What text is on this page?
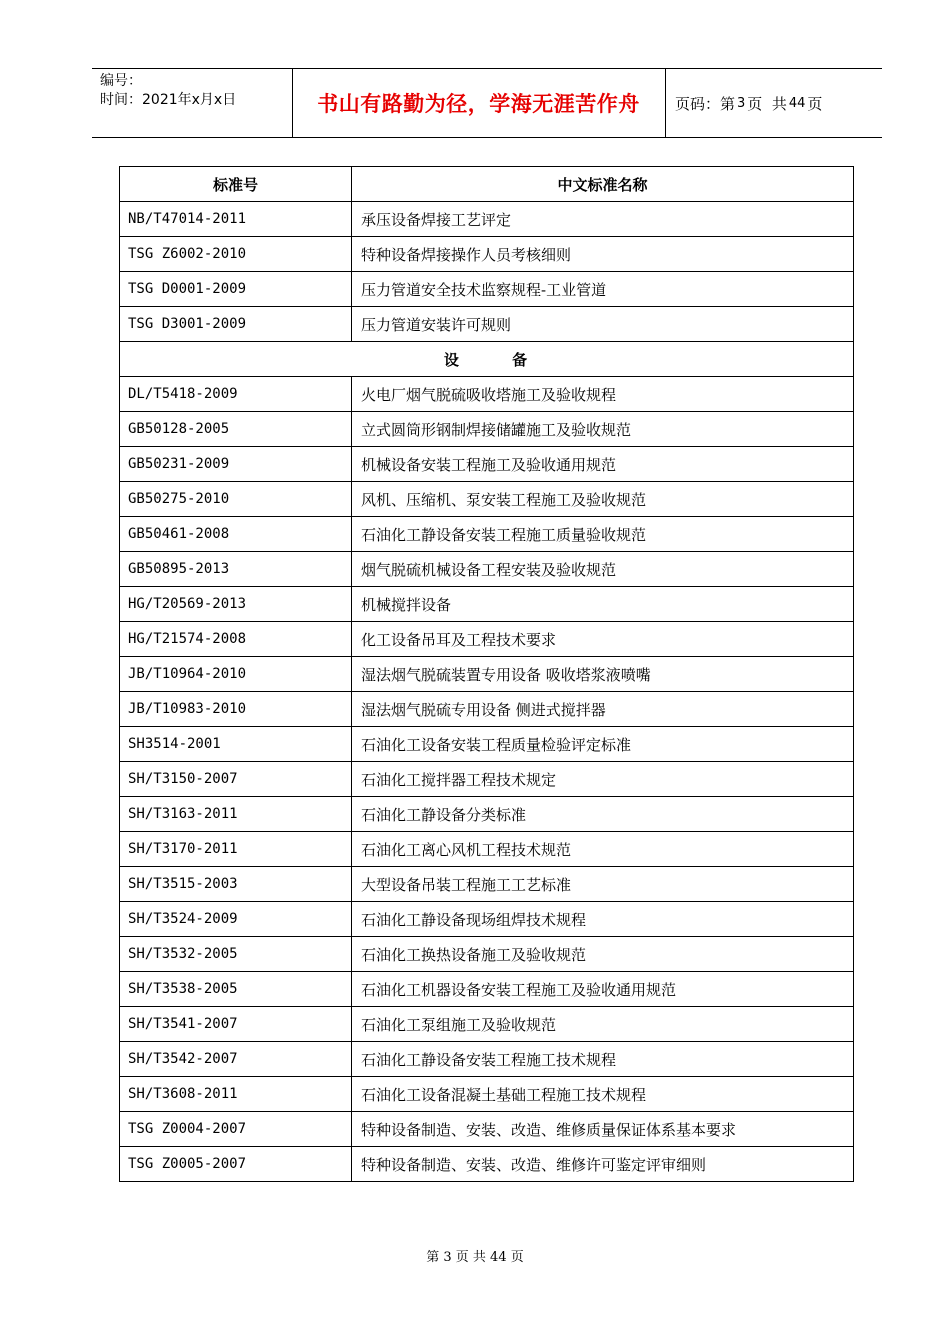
编号：
时间：2021年x月x日	书山有路勤为径，学海无涯苦作舟	页码：第 3 页  共 44 页
标准号	中文标准名称
NB/T47014-2011	承压设备焊接工艺评定
TSG Z6002-2010	特种设备焊接操作人员考核细则
TSG D0001-2009	压力管道安全技术监察规程-工业管道
TSG D3001-2009	压力管道安装许可规则
设 备	
DL/T5418-2009	火电厂烟气脱硫吸收塔施工及验收规程
GB50128-2005	立式圆筒形钢制焊接储罐施工及验收规范
GB50231-2009	机械设备安装工程施工及验收通用规范
GB50275-2010	风机、压缩机、泵安装工程施工及验收规范
GB50461-2008	石油化工静设备安装工程施工质量验收规范
GB50895-2013	烟气脱硫机械设备工程安装及验收规范
HG/T20569-2013	机械搅拌设备
HG/T21574-2008	化工设备吊耳及工程技术要求
JB/T10964-2010	湿法烟气脱硫装置专用设备 吸收塔浆液喷嘴
JB/T10983-2010	湿法烟气脱硫专用设备 侧进式搅拌器
SH3514-2001	石油化工设备安装工程质量检验评定标准
SH/T3150-2007	石油化工搅拌器工程技术规定
SH/T3163-2011	石油化工静设备分类标准
SH/T3170-2011	石油化工离心风机工程技术规范
SH/T3515-2003	大型设备吊装工程施工工艺标准
SH/T3524-2009	石油化工静设备现场组焊技术规程
SH/T3532-2005	石油化工换热设备施工及验收规范
SH/T3538-2005	石油化工机器设备安装工程施工及验收通用规范
SH/T3541-2007	石油化工泵组施工及验收规范
SH/T3542-2007	石油化工静设备安装工程施工技术规程
SH/T3608-2011	石油化工设备混凝土基础工程施工技术规程
TSG Z0004-2007	特种设备制造、安装、改造、维修质量保证体系基本要求
TSG Z0005-2007	特种设备制造、安装、改造、维修许可鉴定评审细则
第 3 页 共 44 页
